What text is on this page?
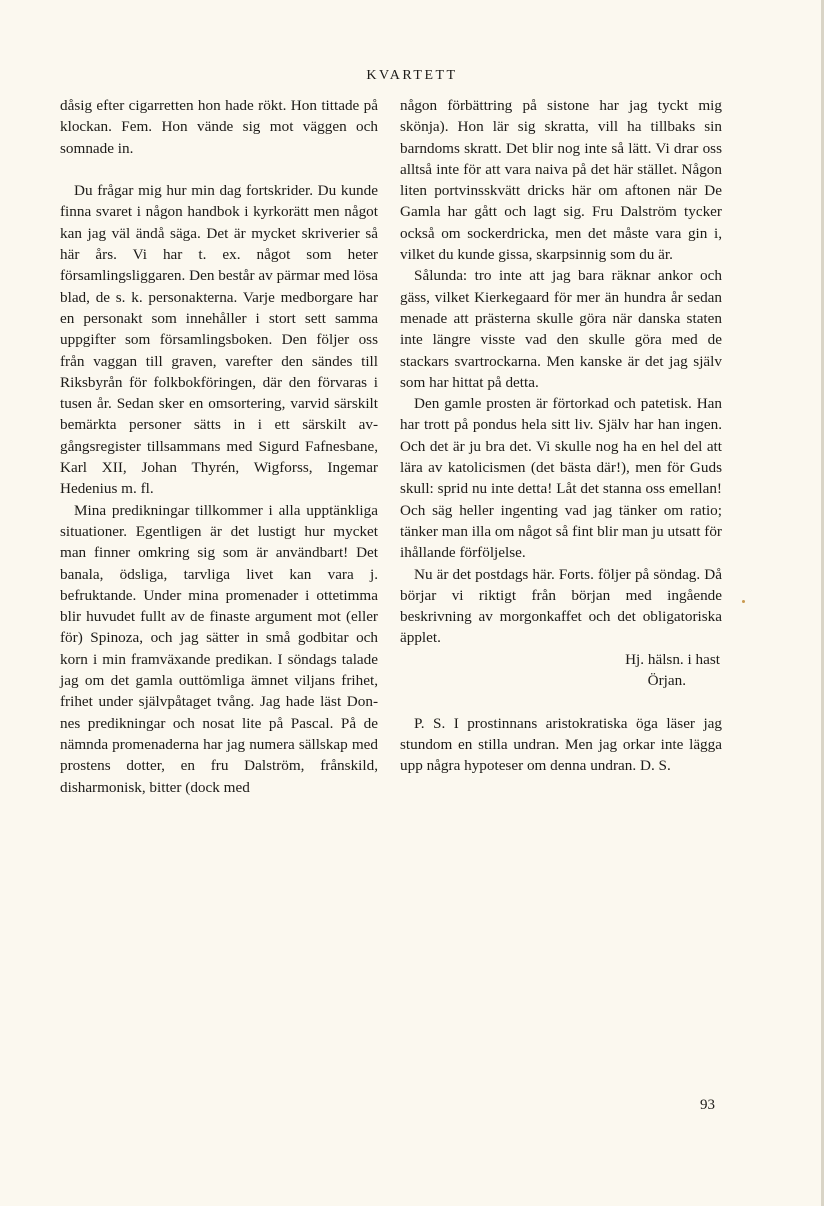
KVARTETT

dåsig efter cigarretten hon hade rökt. Hon tittade på klockan. Fem. Hon vände sig mot väggen och somnade in.

Du frågar mig hur min dag fortskrider. Du kunde finna svaret i någon handbok i kyrkorätt men något kan jag väl ändå säga. Det är mycket skriverier så här års. Vi har t. ex. något som heter församlingsliggaren. Den består av pärmar med lösa blad, de s. k. personakterna. Varje medborgare har en personakt som innehåller i stort sett samma uppgifter som församlingsboken. Den följer oss från vaggan till graven, varefter den sändes till Riksbyrån för folkbokföringen, där den förvaras i tusen år. Sedan sker en omsortering, varvid särskilt bemärkta personer sätts in i ett särskilt avgångsregister tillsammans med Sigurd Fafnesbane, Karl XII, Johan Thyrén, Wigforss, Ingemar Hedenius m. fl.

Mina predikningar tillkommer i alla upptänkliga situationer. Egentligen är det lustigt hur mycket man finner omkring sig som är användbart! Det banala, ödsliga, tarvliga livet kan vara j. befruktande. Under mina promenader i ottetimma blir huvudet fullt av de finaste argument mot (eller för) Spinoza, och jag sätter in små godbitar och korn i min framväxande predikan. I söndags talade jag om det gamla outtömliga ämnet viljans frihet, frihet under självpåtaget tvång. Jag hade läst Donnes predikningar och nosat lite på Pascal. På de nämnda promenaderna har jag numera sällskap med prostens dotter, en fru Dalström, frånskild, disharmonisk, bitter (dock med

någon förbättring på sistone har jag tyckt mig skönja). Hon lär sig skratta, vill ha tillbaks sin barndoms skratt. Det blir nog inte så lätt. Vi drar oss alltså inte för att vara naiva på det här stället. Någon liten portvinsskvätt dricks här om aftonen när De Gamla har gått och lagt sig. Fru Dalström tycker också om sockerdricka, men det måste vara gin i, vilket du kunde gissa, skarpsinnig som du är.

Sålunda: tro inte att jag bara räknar ankor och gäss, vilket Kierkegaard för mer än hundra år sedan menade att prästerna skulle göra när danska staten inte längre visste vad den skulle göra med de stackars svartrockarna. Men kanske är det jag själv som har hittat på detta.

Den gamle prosten är förtorkad och patetisk. Han har trott på pondus hela sitt liv. Själv har han ingen. Och det är ju bra det. Vi skulle nog ha en hel del att lära av katolicismen (det bästa där!), men för Guds skull: sprid nu inte detta! Låt det stanna oss emellan! Och säg heller ingenting vad jag tänker om ratio; tänker man illa om något så fint blir man ju utsatt för ihållande förföljelse.

Nu är det postdags här. Forts. följer på söndag. Då börjar vi riktigt från början med ingående beskrivning av morgonkaffet och det obligatoriska äpplet.

Hj. hälsn. i hast

Örjan.

P. S. I prostinnans aristokratiska öga läser jag stundom en stilla undran. Men jag orkar inte lägga upp några hypoteser om denna undran. D. S.

93
